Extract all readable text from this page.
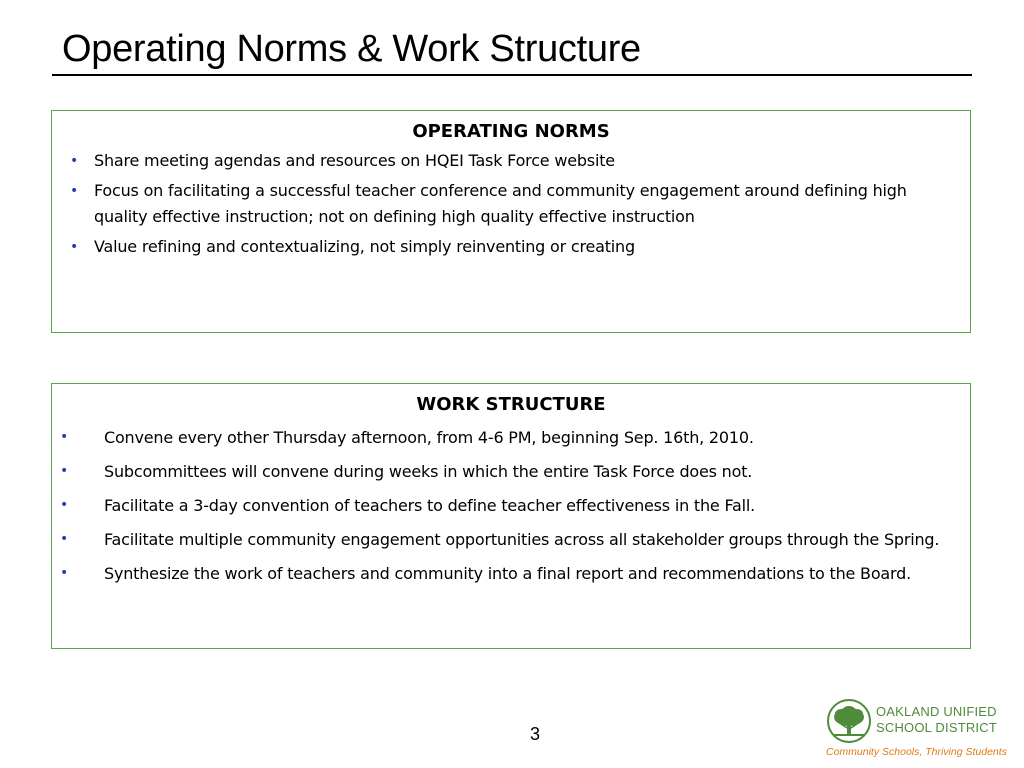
Operating Norms & Work Structure
OPERATING NORMS
• Share meeting agendas and resources on HQEI Task Force website
• Focus on facilitating a successful teacher conference and community engagement around defining high quality effective instruction; not on defining high quality effective instruction
• Value refining and contextualizing, not simply reinventing or creating
WORK STRUCTURE
• Convene every other Thursday afternoon, from 4-6 PM, beginning Sep. 16th, 2010.
• Subcommittees will convene during weeks in which the entire Task Force does not.
• Facilitate a 3-day convention of teachers to define teacher effectiveness in the Fall.
• Facilitate multiple community engagement opportunities across all stakeholder groups through the Spring.
• Synthesize the work of teachers and community into a final report and recommendations to the Board.
3
OAKLAND UNIFIED
SCHOOL DISTRICT
Community Schools, Thriving Students
